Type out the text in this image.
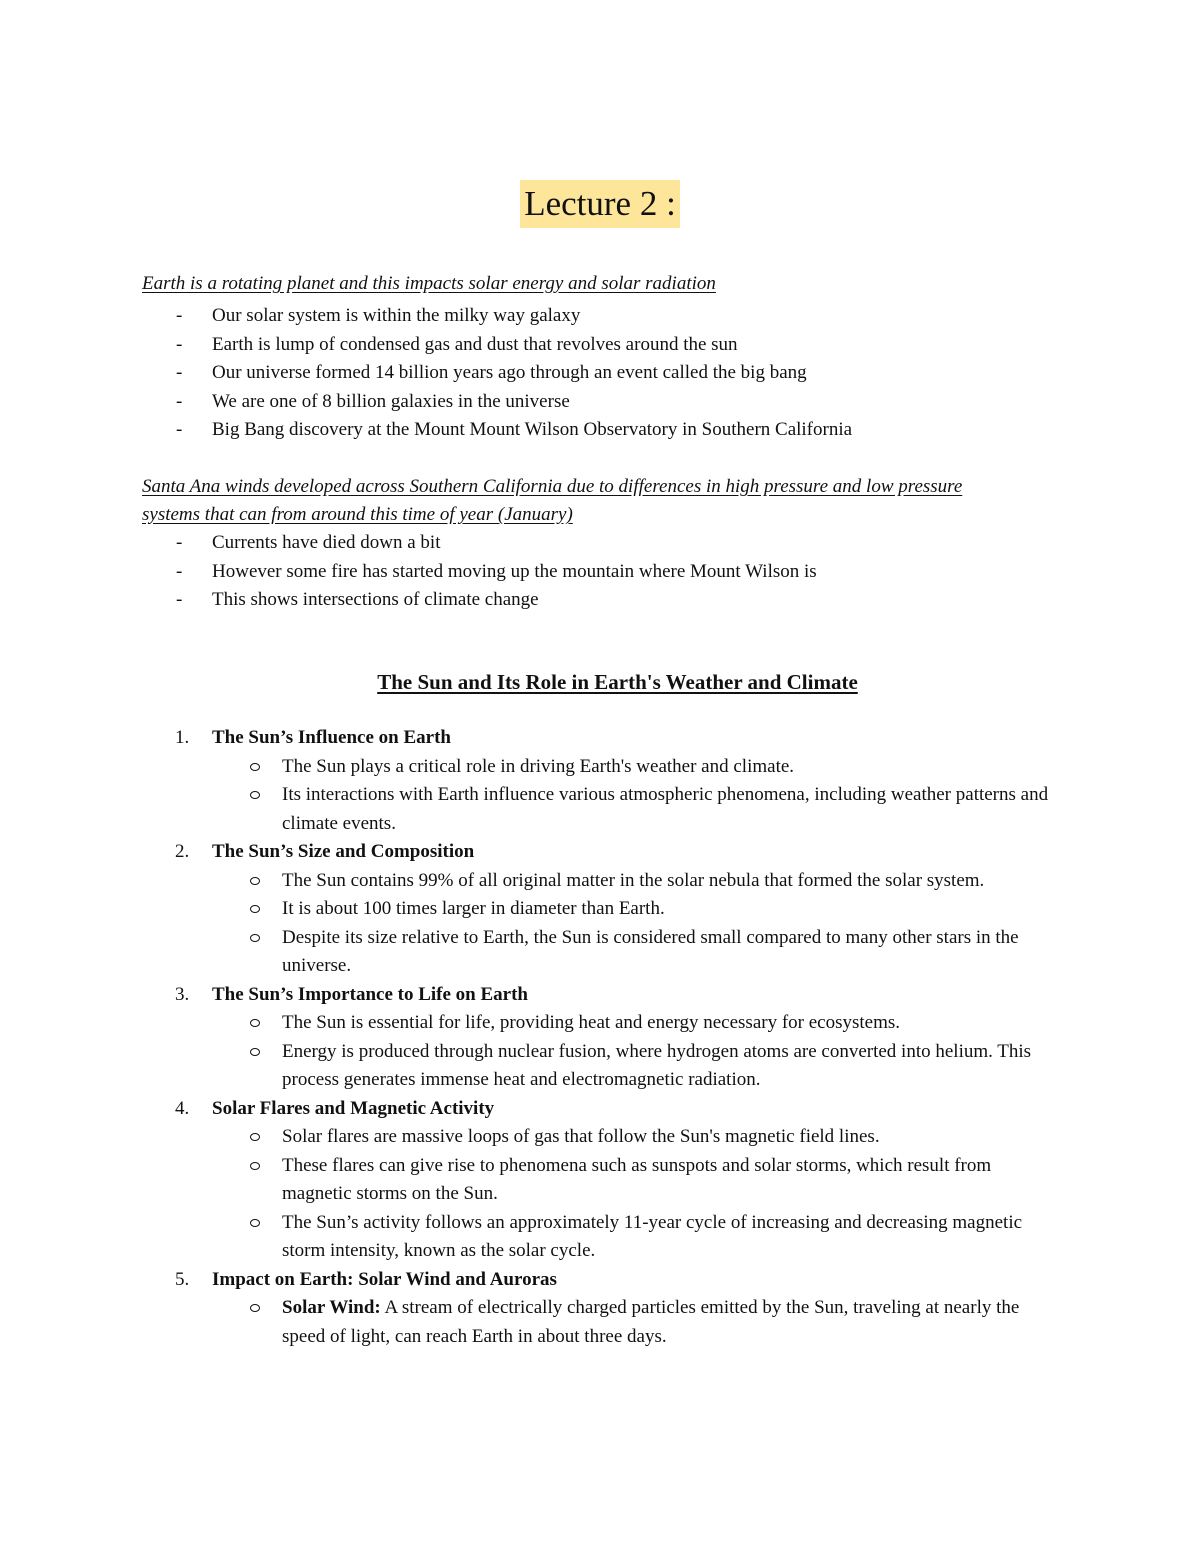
Lecture 2 :
Earth is a rotating planet and this impacts solar energy and solar radiation
- Our solar system is within the milky way galaxy
- Earth is lump of condensed gas and dust that revolves around the sun
- Our universe formed 14 billion years ago through an event called the big bang
- We are one of 8 billion galaxies in the universe
- Big Bang discovery at the Mount Mount Wilson Observatory in Southern California
Santa Ana winds developed across Southern California due to differences in high pressure and low pressure systems that can from around this time of year (January)
- Currents have died down a bit
- However some fire has started moving up the mountain where Mount Wilson is
- This shows intersections of climate change
The Sun and Its Role in Earth's Weather and Climate
1. The Sun’s Influence on Earth
The Sun plays a critical role in driving Earth's weather and climate.
Its interactions with Earth influence various atmospheric phenomena, including weather patterns and climate events.
2. The Sun’s Size and Composition
The Sun contains 99% of all original matter in the solar nebula that formed the solar system.
It is about 100 times larger in diameter than Earth.
Despite its size relative to Earth, the Sun is considered small compared to many other stars in the universe.
3. The Sun’s Importance to Life on Earth
The Sun is essential for life, providing heat and energy necessary for ecosystems.
Energy is produced through nuclear fusion, where hydrogen atoms are converted into helium. This process generates immense heat and electromagnetic radiation.
4. Solar Flares and Magnetic Activity
Solar flares are massive loops of gas that follow the Sun's magnetic field lines.
These flares can give rise to phenomena such as sunspots and solar storms, which result from magnetic storms on the Sun.
The Sun’s activity follows an approximately 11-year cycle of increasing and decreasing magnetic storm intensity, known as the solar cycle.
5. Impact on Earth: Solar Wind and Auroras
Solar Wind: A stream of electrically charged particles emitted by the Sun, traveling at nearly the speed of light, can reach Earth in about three days.
